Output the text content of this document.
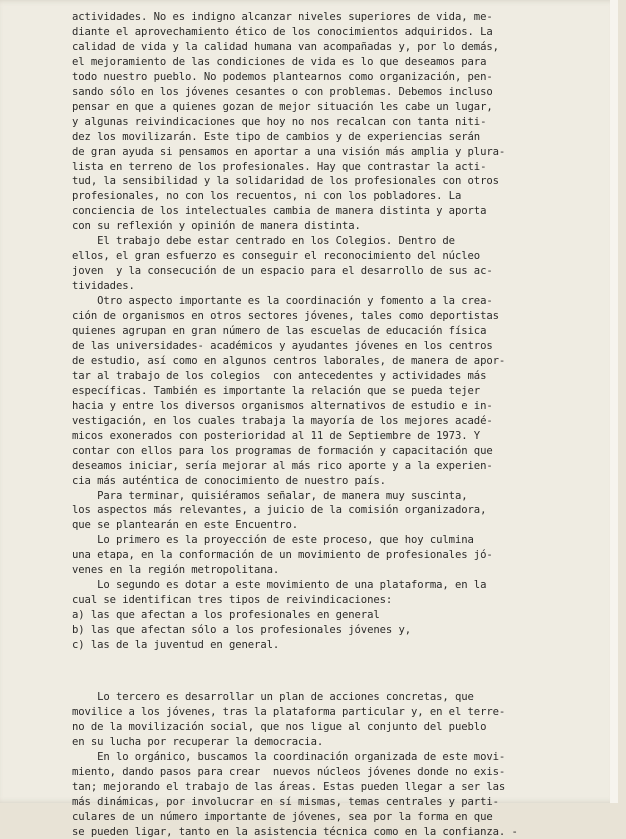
actividades. No es indigno alcanzar niveles superiores de vida, me-
diante el aprovechamiento ético de los conocimientos adquiridos. La
calidad de vida y la calidad humana van acompañadas y, por lo demás,
el mejoramiento de las condiciones de vida es lo que deseamos para
todo nuestro pueblo. No podemos plantearnos como organización, pen-
sando sólo en los jóvenes cesantes o con problemas. Debemos incluso
pensar en que a quienes gozan de mejor situación les cabe un lugar,
y algunas reivindicaciones que hoy no nos recalcan con tanta niti-
dez los movilizarán. Este tipo de cambios y de experiencias serán
de gran ayuda si pensamos en aportar a una visión más amplia y plura-
lista en terreno de los profesionales. Hay que contrastar la acti-
tud, la sensibilidad y la solidaridad de los profesionales con otros
profesionales, no con los recuentos, ni con los pobladores. La
conciencia de los intelectuales cambia de manera distinta y aporta
con su reflexión y opinión de manera distinta.

El trabajo debe estar centrado en los Colegios. Dentro de
ellos, el gran esfuerzo es conseguir el reconocimiento del núcleo
joven  y la consecución de un espacio para el desarrollo de sus ac-
tividades.

Otro aspecto importante es la coordinación y fomento a la crea-
ción de organismos en otros sectores jóvenes, tales como deportistas
quienes agrupan en gran número de las escuelas de educación física
de las universidades- académicos y ayudantes jóvenes en los centros
de estudio, así como en algunos centros laborales, de manera de apor-
tar al trabajo de los colegios  con antecedentes y actividades más
específicas. También es importante la relación que se pueda tejer
hacia y entre los diversos organismos alternativos de estudio e in-
vestigación, en los cuales trabaja la mayoría de los mejores acadé-
micos exonerados con posterioridad al 11 de Septiembre de 1973. Y
contar con ellos para los programas de formación y capacitación que
deseamos iniciar, sería mejorar al más rico aporte y a la experien-
cia más auténtica de conocimiento de nuestro país.

Para terminar, quisiéramos señalar, de manera muy suscinta,
los aspectos más relevantes, a juicio de la comisión organizadora,
que se plantearán en este Encuentro.

Lo primero es la proyección de este proceso, que hoy culmina
una etapa, en la conformación de un movimiento de profesionales jó-
venes en la región metropolitana.

Lo segundo es dotar a este movimiento de una plataforma, en la
cual se identifican tres tipos de reivindicaciones:
a) las que afectan a los profesionales en general
b) las que afectan sólo a los profesionales jóvenes y,
c) las de la juventud en general.

Lo tercero es desarrollar un plan de acciones concretas, que
movilice a los jóvenes, tras la plataforma particular y, en el terre-
no de la movilización social, que nos ligue al conjunto del pueblo
en su lucha por recuperar la democracia.

En lo orgánico, buscamos la coordinación organizada de este movi-
miento, dando pasos para crear  nuevos núcleos jóvenes donde no exis-
tan; mejorando el trabajo de las áreas. Estas pueden llegar a ser las
más dinámicas, por involucrar en sí mismas, temas centrales y parti-
culares de un número importante de jóvenes, sea por la forma en que
se pueden ligar, tanto en la asistencia técnica como en la confianza. -
